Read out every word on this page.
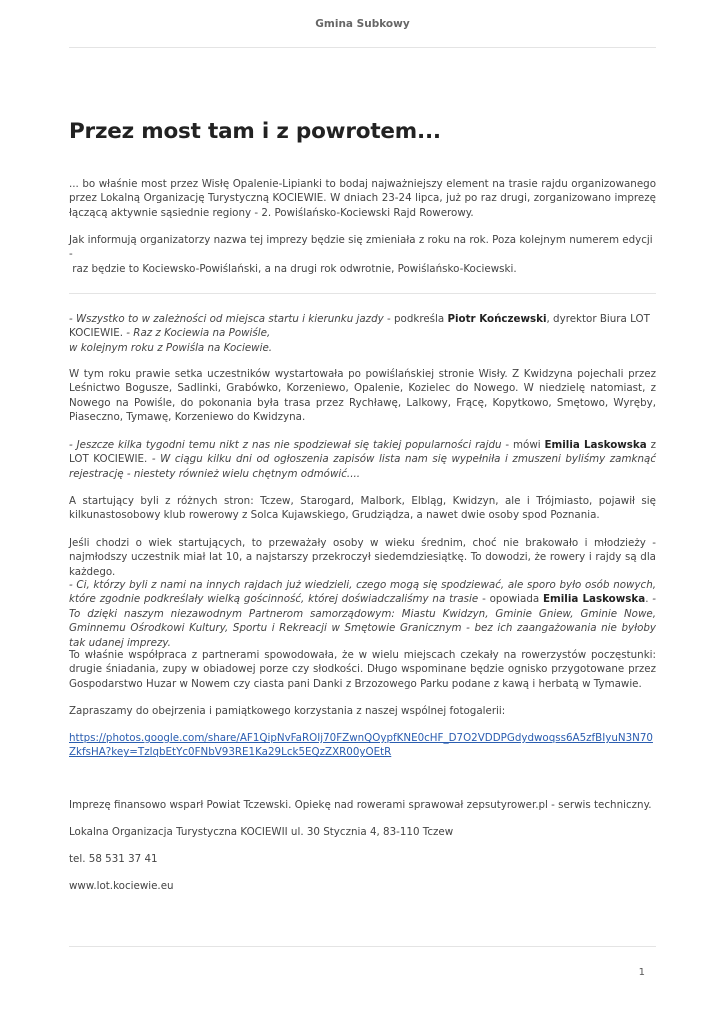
Gmina Subkowy
Przez most tam i z powrotem...

... bo właśnie most przez Wisłę Opalenie-Lipianki to bodaj najważniejszy element na trasie rajdu organizowanego przez Lokalną Organizację Turystyczną KOCIEWIE. W dniach 23-24 lipca, już po raz drugi, zorganizowano imprezę łączącą aktywnie sąsiednie regiony - 2. Powiślańsko-Kociewski Rajd Rowerowy.

Jak informują organizatorzy nazwa tej imprezy będzie się zmieniała z roku na rok. Poza kolejnym numerem edycji -
raz będzie to Kociewsko-Powiślański, a na drugi rok odwrotnie, Powiślańsko-Kociewski.

- Wszystko to w zależności od miejsca startu i kierunku jazdy - podkreśla Piotr Kończewski, dyrektor Biura LOT KOCIEWIE. - Raz z Kociewia na Powiśle,
w kolejnym roku z Powiśla na Kociewie.

W tym roku prawie setka uczestników wystartowała po powiślańskiej stronie Wisły. Z Kwidzyna pojechali przez Leśnictwo Bogusze, Sadlinki, Grabówko, Korzeniewo, Opalenie, Kozielec do Nowego. W niedzielę natomiast, z Nowego na Powiśle, do pokonania była trasa przez Rychławę, Lalkowy, Frącę, Kopytkowo, Smętowo, Wyręby, Piaseczno, Tymawę, Korzeniewo do Kwidzyna.

- Jeszcze kilka tygodni temu nikt z nas nie spodziewał się takiej popularności rajdu - mówi Emilia Laskowska z LOT KOCIEWIE. - W ciągu kilku dni od ogłoszenia zapisów lista nam się wypełniła i zmuszeni byliśmy zamknąć rejestrację - niestety również wielu chętnym odmówić....

A startujący byli z różnych stron: Tczew, Starogard, Malbork, Elbląg, Kwidzyn, ale i Trójmiasto, pojawił się kilkunastosobowy klub rowerowy z Solca Kujawskiego, Grudziądza, a nawet dwie osoby spod Poznania.

Jeśli chodzi o wiek startujących, to przeważały osoby w wieku średnim, choć nie brakowało i młodzieży - najmłodszy uczestnik miał lat 10, a najstarszy przekroczył siedemdziesiątkę. To dowodzi, że rowery i rajdy są dla każdego.

- Ci, którzy byli z nami na innych rajdach już wiedzieli, czego mogą się spodziewać, ale sporo było osób nowych, które zgodnie podkreślały wielką gościnność, której doświadczaliśmy na trasie - opowiada Emilia Laskowska. - To dzięki naszym niezawodnym Partnerom samorządowym: Miastu Kwidzyn, Gminie Gniew, Gminie Nowe, Gminnemu Ośrodkowi Kultury, Sportu i Rekreacji w Smętowie Granicznym - bez ich zaangażowania nie byłoby tak udanej imprezy.

To właśnie współpraca z partnerami spowodowała, że w wielu miejscach czekały na rowerzystów poczęstunki: drugie śniadania, zupy w obiadowej porze czy słodkości. Długo wspominane będzie ognisko przygotowane przez Gospodarstwo Huzar w Nowem czy ciasta pani Danki z Brzozowego Parku podane z kawą i herbatą w Tymawie.

Zapraszamy do obejrzenia i pamiątkowego korzystania z naszej wspólnej fotogalerii:

https://photos.google.com/share/AF1QipNvFaROIj70FZwnQOypfKNE0cHF_D7O2VDDPGdydwoqss6A5zfBIyuN3N70ZkfsHA?key=TzlqbEtYc0FNbV93RE1Ka29Lck5EQzZXR00yOEtR

Imprezę finansowo wsparł Powiat Tczewski. Opiekę nad rowerami sprawował zepsutyrower.pl - serwis techniczny.

Lokalna Organizacja Turystyczna KOCIEWII ul. 30 Stycznia 4, 83-110 Tczew

tel. 58 531 37 41

www.lot.kociewie.eu

1
